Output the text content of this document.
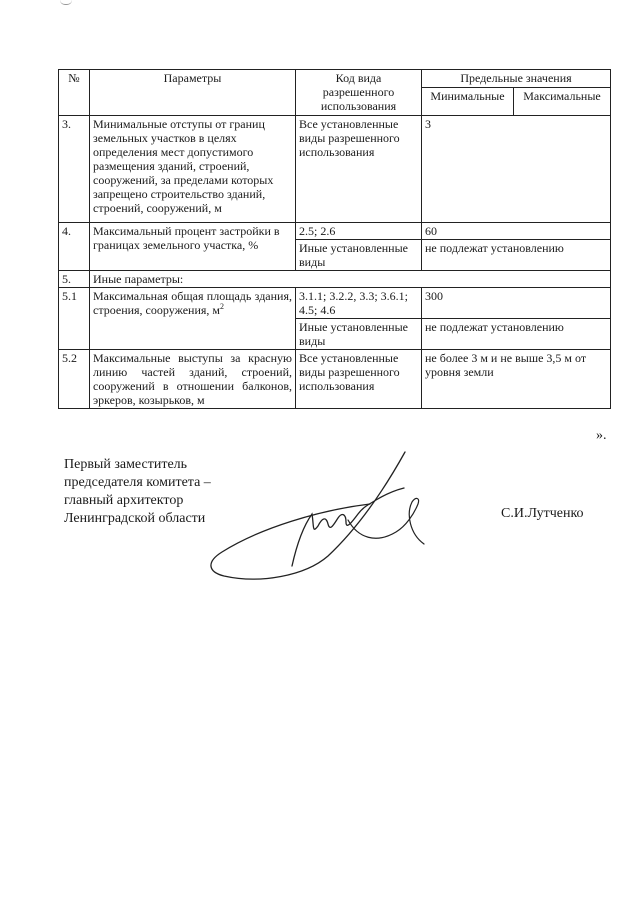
№	Параметры	Код вида разрешенного использования	Предельные значения	
			Минимальные	Максимальные
3.	Минимальные отступы от границ земельных участков в целях определения мест допустимого размещения зданий, строений, сооружений, за пределами которых запрещено строительство зданий, строений, сооружений, м	Все установленные виды разрешенного использования	3	
4.	Максимальный процент застройки в границах земельного участка, %	2.5; 2.6	60	
		Иные установленные виды	не подлежат установлению	
5.	Иные параметры:			
5.1	Максимальная общая площадь здания, строения, сооружения, $м^2$	3.1.1; 3.2.2, 3.3; 3.6.1; 4.5; 4.6	300	
		Иные установленные виды	не подлежат установлению	
5.2	Максимальные выступы за красную линию частей зданий, строений, сооружений в отношении балконов, эркеров, козырьков, м	Все установленные виды разрешенного использования	не более 3 м и не выше 3,5 м от уровня земли	
».
Первый заместитель
председателя комитета –
главный архитектор
Ленинградской области	С.И.Лутченко
